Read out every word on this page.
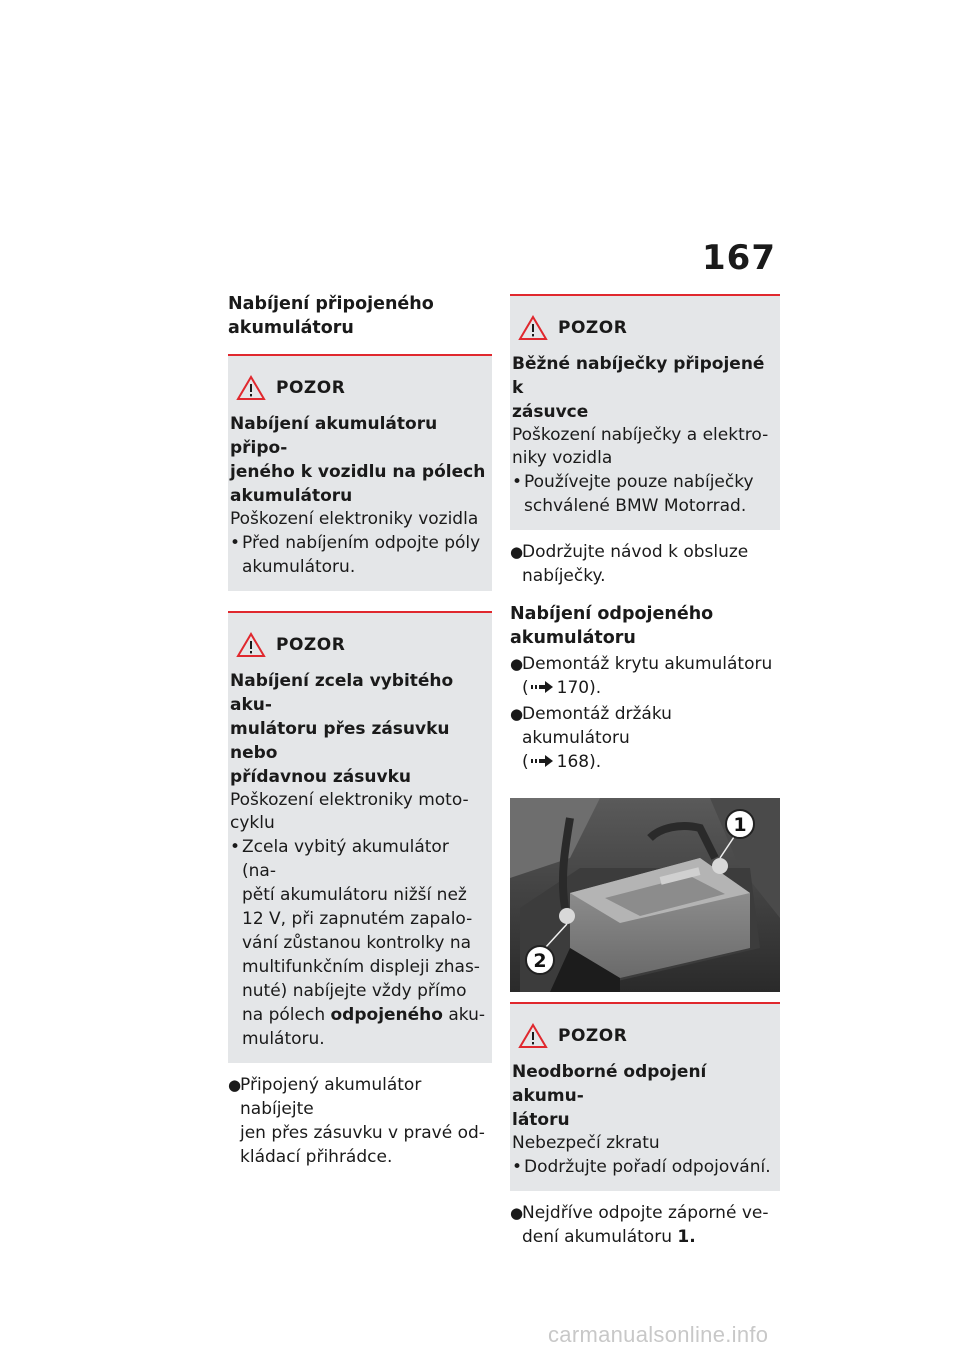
167
Nabíjení připojeného
akumulátoru
POZOR
Nabíjení akumulátoru připo-
jeného k vozidlu na pólech
akumulátoru
Poškození elektroniky vozidla
• Před nabíjením odpojte póly
akumulátoru.
POZOR
Nabíjení zcela vybitého aku-
mulátoru přes zásuvku nebo
přídavnou zásuvku
Poškození elektroniky moto-
cyklu
• Zcela vybitý akumulátor (na-
pětí akumulátoru nižší než
12 V, při zapnutém zapalo-
vání zůstanou kontrolky na
multifunkčním displeji zhas-
nuté) nabíjejte vždy přímo
na pólech odpojeného aku-
mulátoru.
●
Připojený akumulátor nabíjejte
jen přes zásuvku v pravé od-
kládací přihrádce.
POZOR
Běžné nabíječky připojené k
zásuvce
Poškození nabíječky a elektro-
niky vozidla
• Používejte pouze nabíječky
schválené BMW Motorrad.
●
Dodržujte návod k obsluze
nabíječky.
Nabíjení odpojeného
akumulátoru
●
Demontáž krytu akumulátoru
( 170).
●
Demontáž držáku akumulátoru
( 168).
1
2
POZOR
Neodborné odpojení akumu-
látoru
Nebezpečí zkratu
• Dodržujte pořadí odpojování.
●
Nejdříve odpojte záporné ve-
dení akumulátoru 1.
carmanualsonline.info
